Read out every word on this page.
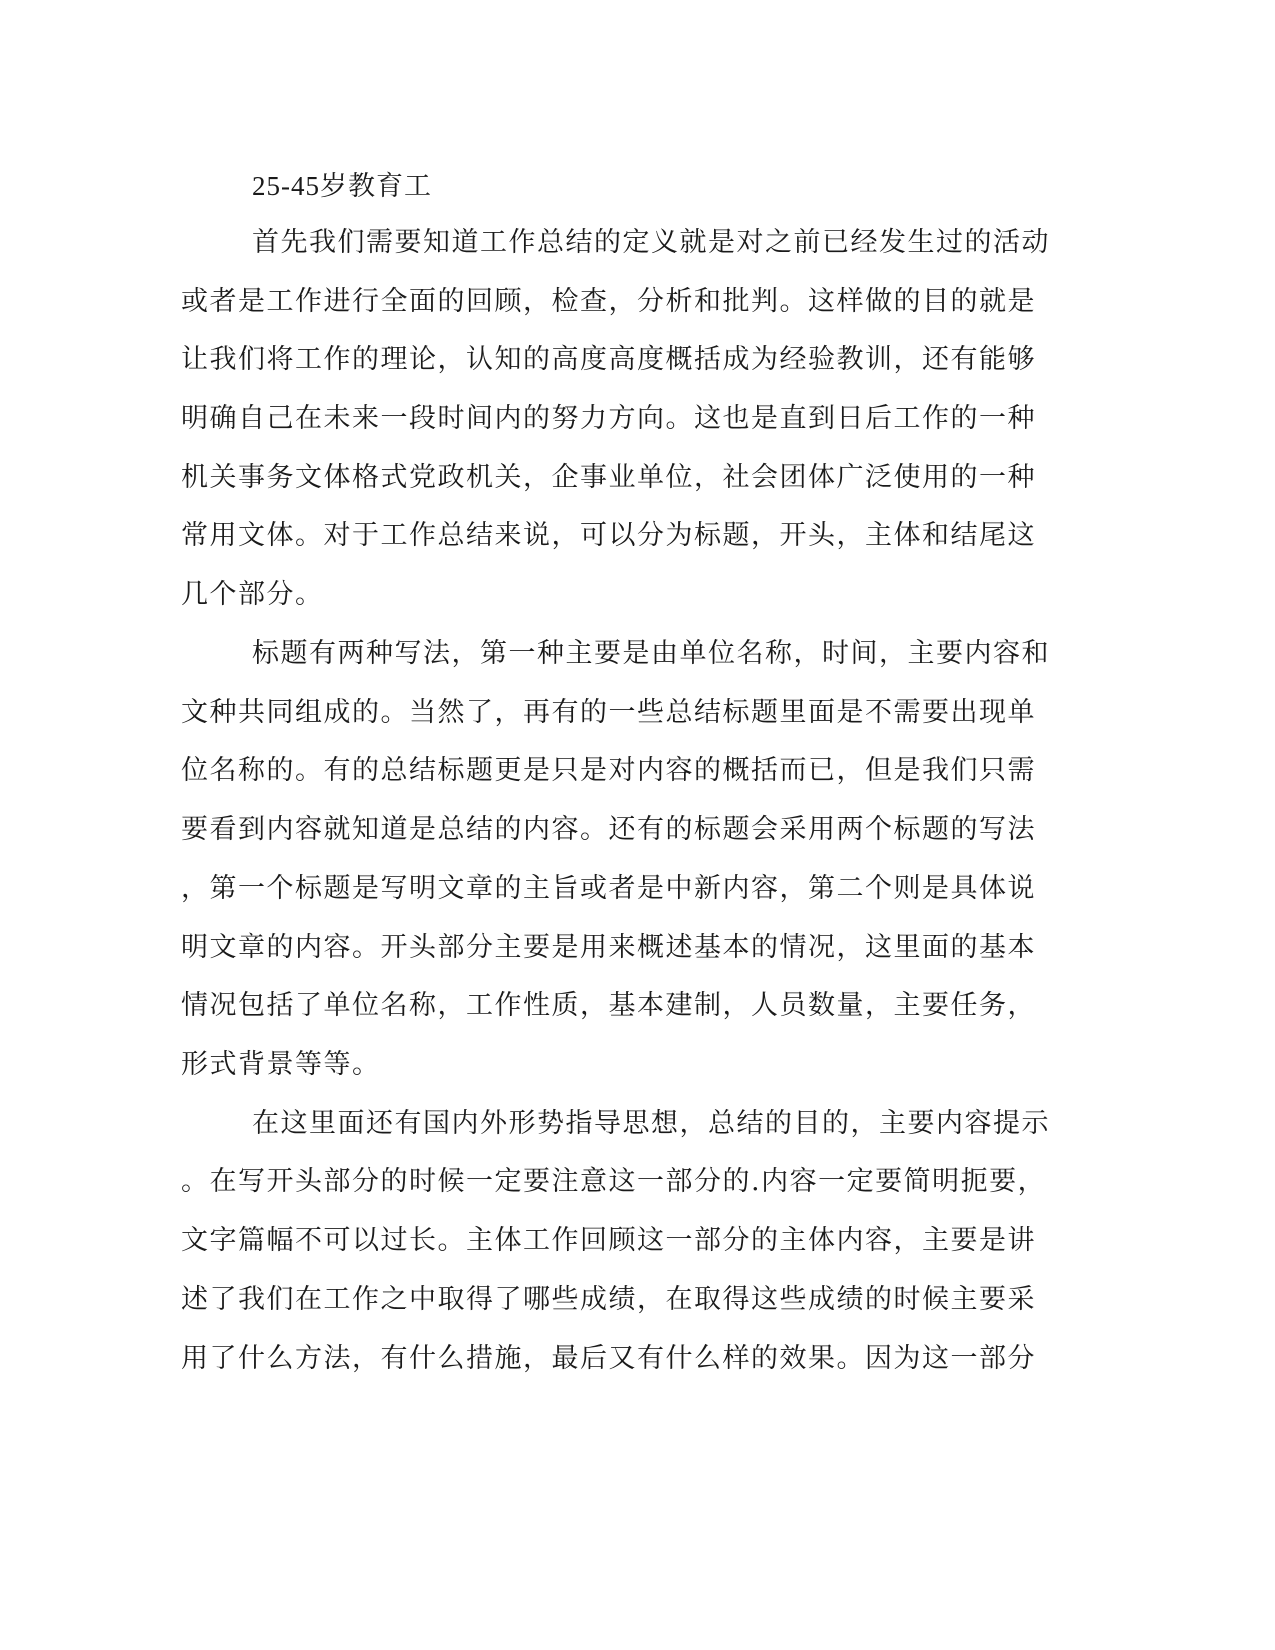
25-45岁教育工
首先我们需要知道工作总结的定义就是对之前已经发生过的活动
或者是工作进行全面的回顾，检查，分析和批判。这样做的目的就是
让我们将工作的理论，认知的高度高度概括成为经验教训，还有能够
明确自己在未来一段时间内的努力方向。这也是直到日后工作的一种
机关事务文体格式党政机关，企事业单位，社会团体广泛使用的一种
常用文体。对于工作总结来说，可以分为标题，开头，主体和结尾这
几个部分。
标题有两种写法，第一种主要是由单位名称，时间，主要内容和
文种共同组成的。当然了，再有的一些总结标题里面是不需要出现单
位名称的。有的总结标题更是只是对内容的概括而已，但是我们只需
要看到内容就知道是总结的内容。还有的标题会采用两个标题的写法
，第一个标题是写明文章的主旨或者是中新内容，第二个则是具体说
明文章的内容。开头部分主要是用来概述基本的情况，这里面的基本
情况包括了单位名称，工作性质，基本建制，人员数量，主要任务，
形式背景等等。
在这里面还有国内外形势指导思想，总结的目的，主要内容提示
。在写开头部分的时候一定要注意这一部分的.内容一定要简明扼要，
文字篇幅不可以过长。主体工作回顾这一部分的主体内容，主要是讲
述了我们在工作之中取得了哪些成绩，在取得这些成绩的时候主要采
用了什么方法，有什么措施，最后又有什么样的效果。因为这一部分
